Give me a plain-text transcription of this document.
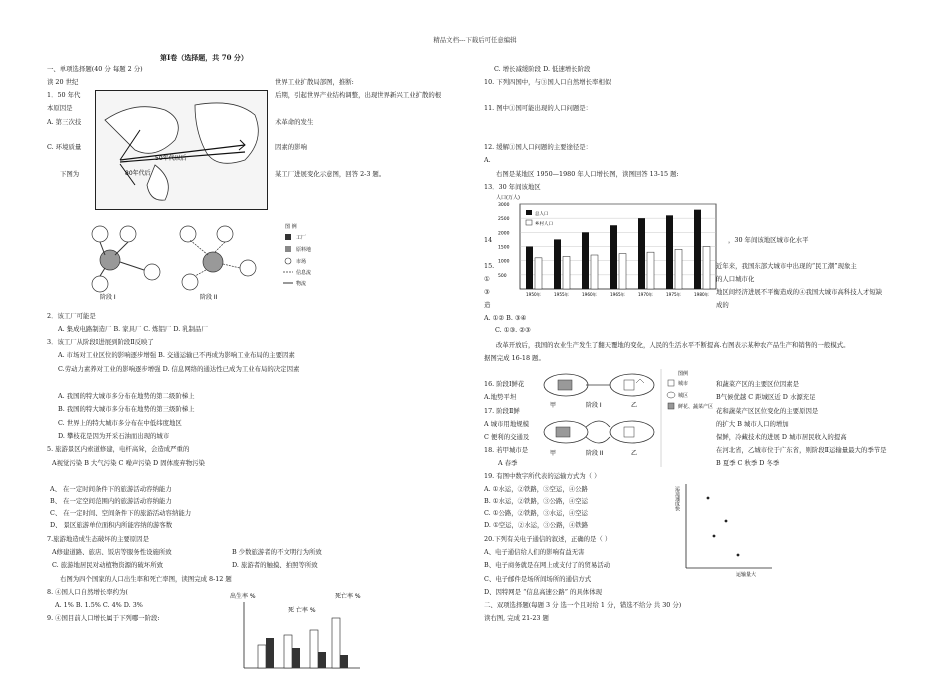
精品文档---下载后可任意编辑
第Ⅰ卷（选择题，共 70 分）
一、单项选择题(40 分 每题 2 分)
读 20 世纪	世界工业扩散局部图，推断:
1．50 年代	后期，引起世界产业结构调整，出现世界新兴工业扩散的根
本原因是
A. 第三次技	术革命的发生
C. 环境质量	因素的影响
下图为	某工厂进展变化示意图，回答 2-3 题。
2．该工厂可能是
A. 集成电路制造厂 B. 家具厂 C. 炼铝厂 D. 乳制品厂
3．该工厂从阶段Ⅰ进展到阶段Ⅱ反映了
A. 市场对工业区位的影响逐步增强 B. 交通运输已不再成为影响工业布局的主要因素
C.劳动力素养对工业的影响逐步增强 D. 信息网络的通达性已成为工业布局的决定因素
A. 我国的特大城市多分布在地势的第二级阶梯上
B. 我国的特大城市多分布在地势的第三级阶梯上
C. 世界上的特大城市多分布在中低纬度地区
D. 攀枝花是因为开采石油而出现的城市
5. 旅游景区内索道修建，电杆高耸，会造成严重的
A视觉污染 B 大气污染 C 噪声污染 D 固体废弃物污染
A、 在一定时间条件下的旅游活动容纳能力
B、 在一定空间范围内的旅游活动容纳能力
C、 在一定时间、空间条件下的旅游活动容纳能力
D、 景区旅游单位面积内所能容纳的游客数
7.旅游地造成生态破坏的主要原因是
A修建道路、旅店、饭店等服务性设施所致	B 少数旅游者的不文明行为所致
C. 旅游地居民对动植物资源的破坏所致	D. 旅游者的触摸、拍照等所致
右图为四个国家的人口出生率和死亡率图，读图完成 8-12 题
8. ④国人口自然增长率约为(
A. 1% B. 1.5% C. 4% D. 3%
9. ④国目前人口增长属于下列哪一阶段:
C. 增长减缓阶段 D. 低速增长阶段
10. 下列四国中，与③国人口自然增长率相似
11. 图中①国可能出现的人口问题是：
12. 缓解①国人口问题的主要途径是：
A.
右图是某地区 1950—1980 年人口增长图，读图回答 13-15 题:
13．30 年间该地区
14
15.
①
③
造
，30 年间该地区城市化水平
近年来，我国东部大城市中出现的“民工潮”现象主
的人口城市化
地区间经济进展不平衡造成的④我国大城市高科技人才短缺
成的
A. ①② B. ③④
C. ①③. ②③
改革开放后，我国的农业生产发生了翻天覆地的变化，人民的生活水平不断提高.右图表示某种农产品生产和销售的一般模式。
据图完成 16-18 题。
16. 阶段Ⅰ鲜花	和蔬菜产区的主要区位因素是
A.地势平坦	B气候优越 C 距城区近 D 水源充足
17. 阶段Ⅱ鲜	花和蔬菜产区区位变化的主要原因是
A 城市用地规模	的扩大 B 城市人口的增加
C 便利的交通及	保鲜，冷藏技术的进展 D 城市居民收入的提高
18. 若甲城市是	在河北省，乙城市位于广东省，则阶段Ⅱ运输量最大的季节是
A 春季	B 夏季 C 秋季 D 冬季
19. 有图中数字所代表的运输方式为（ ）
A. ①水运，②铁路，③空运，④公路
B. ①水运，②铁路，③公路，④空运
C. ①公路，②铁路，③水运，④空运
D. ①空运，②水运，③公路，④铁路
20.下列有关电子通信的叙述，正确的是（ ）
A、电子通信给人们的影响有益无害
B、电子商务就是在网上或支付了的贸易活动
C、电子邮件是场所间场所的通信方式
D、因特网是 “信息高速公路” 的具体体现
二、双项选择题(每题 3 分 选一个且对给 1 分，错选不给分 共 30 分)
读右图, 完成 21-23 题
50年代以后
80年代后
阶段 I	阶段 II
图 例
工厂
原料地
市场
信息流
物流
人口(万人)
3000
2500
2000
1500
1000
500
1950年	1955年	1960年	1965年	1970年	1975年	1980年
总人口
乡村人口
甲	乙
阶段 I
甲	乙
阶段 II
图例
城市
城区
鲜花、蔬菜产区
出生率 %	死亡率 %
死 亡率 %
运送速度快
运输量大
